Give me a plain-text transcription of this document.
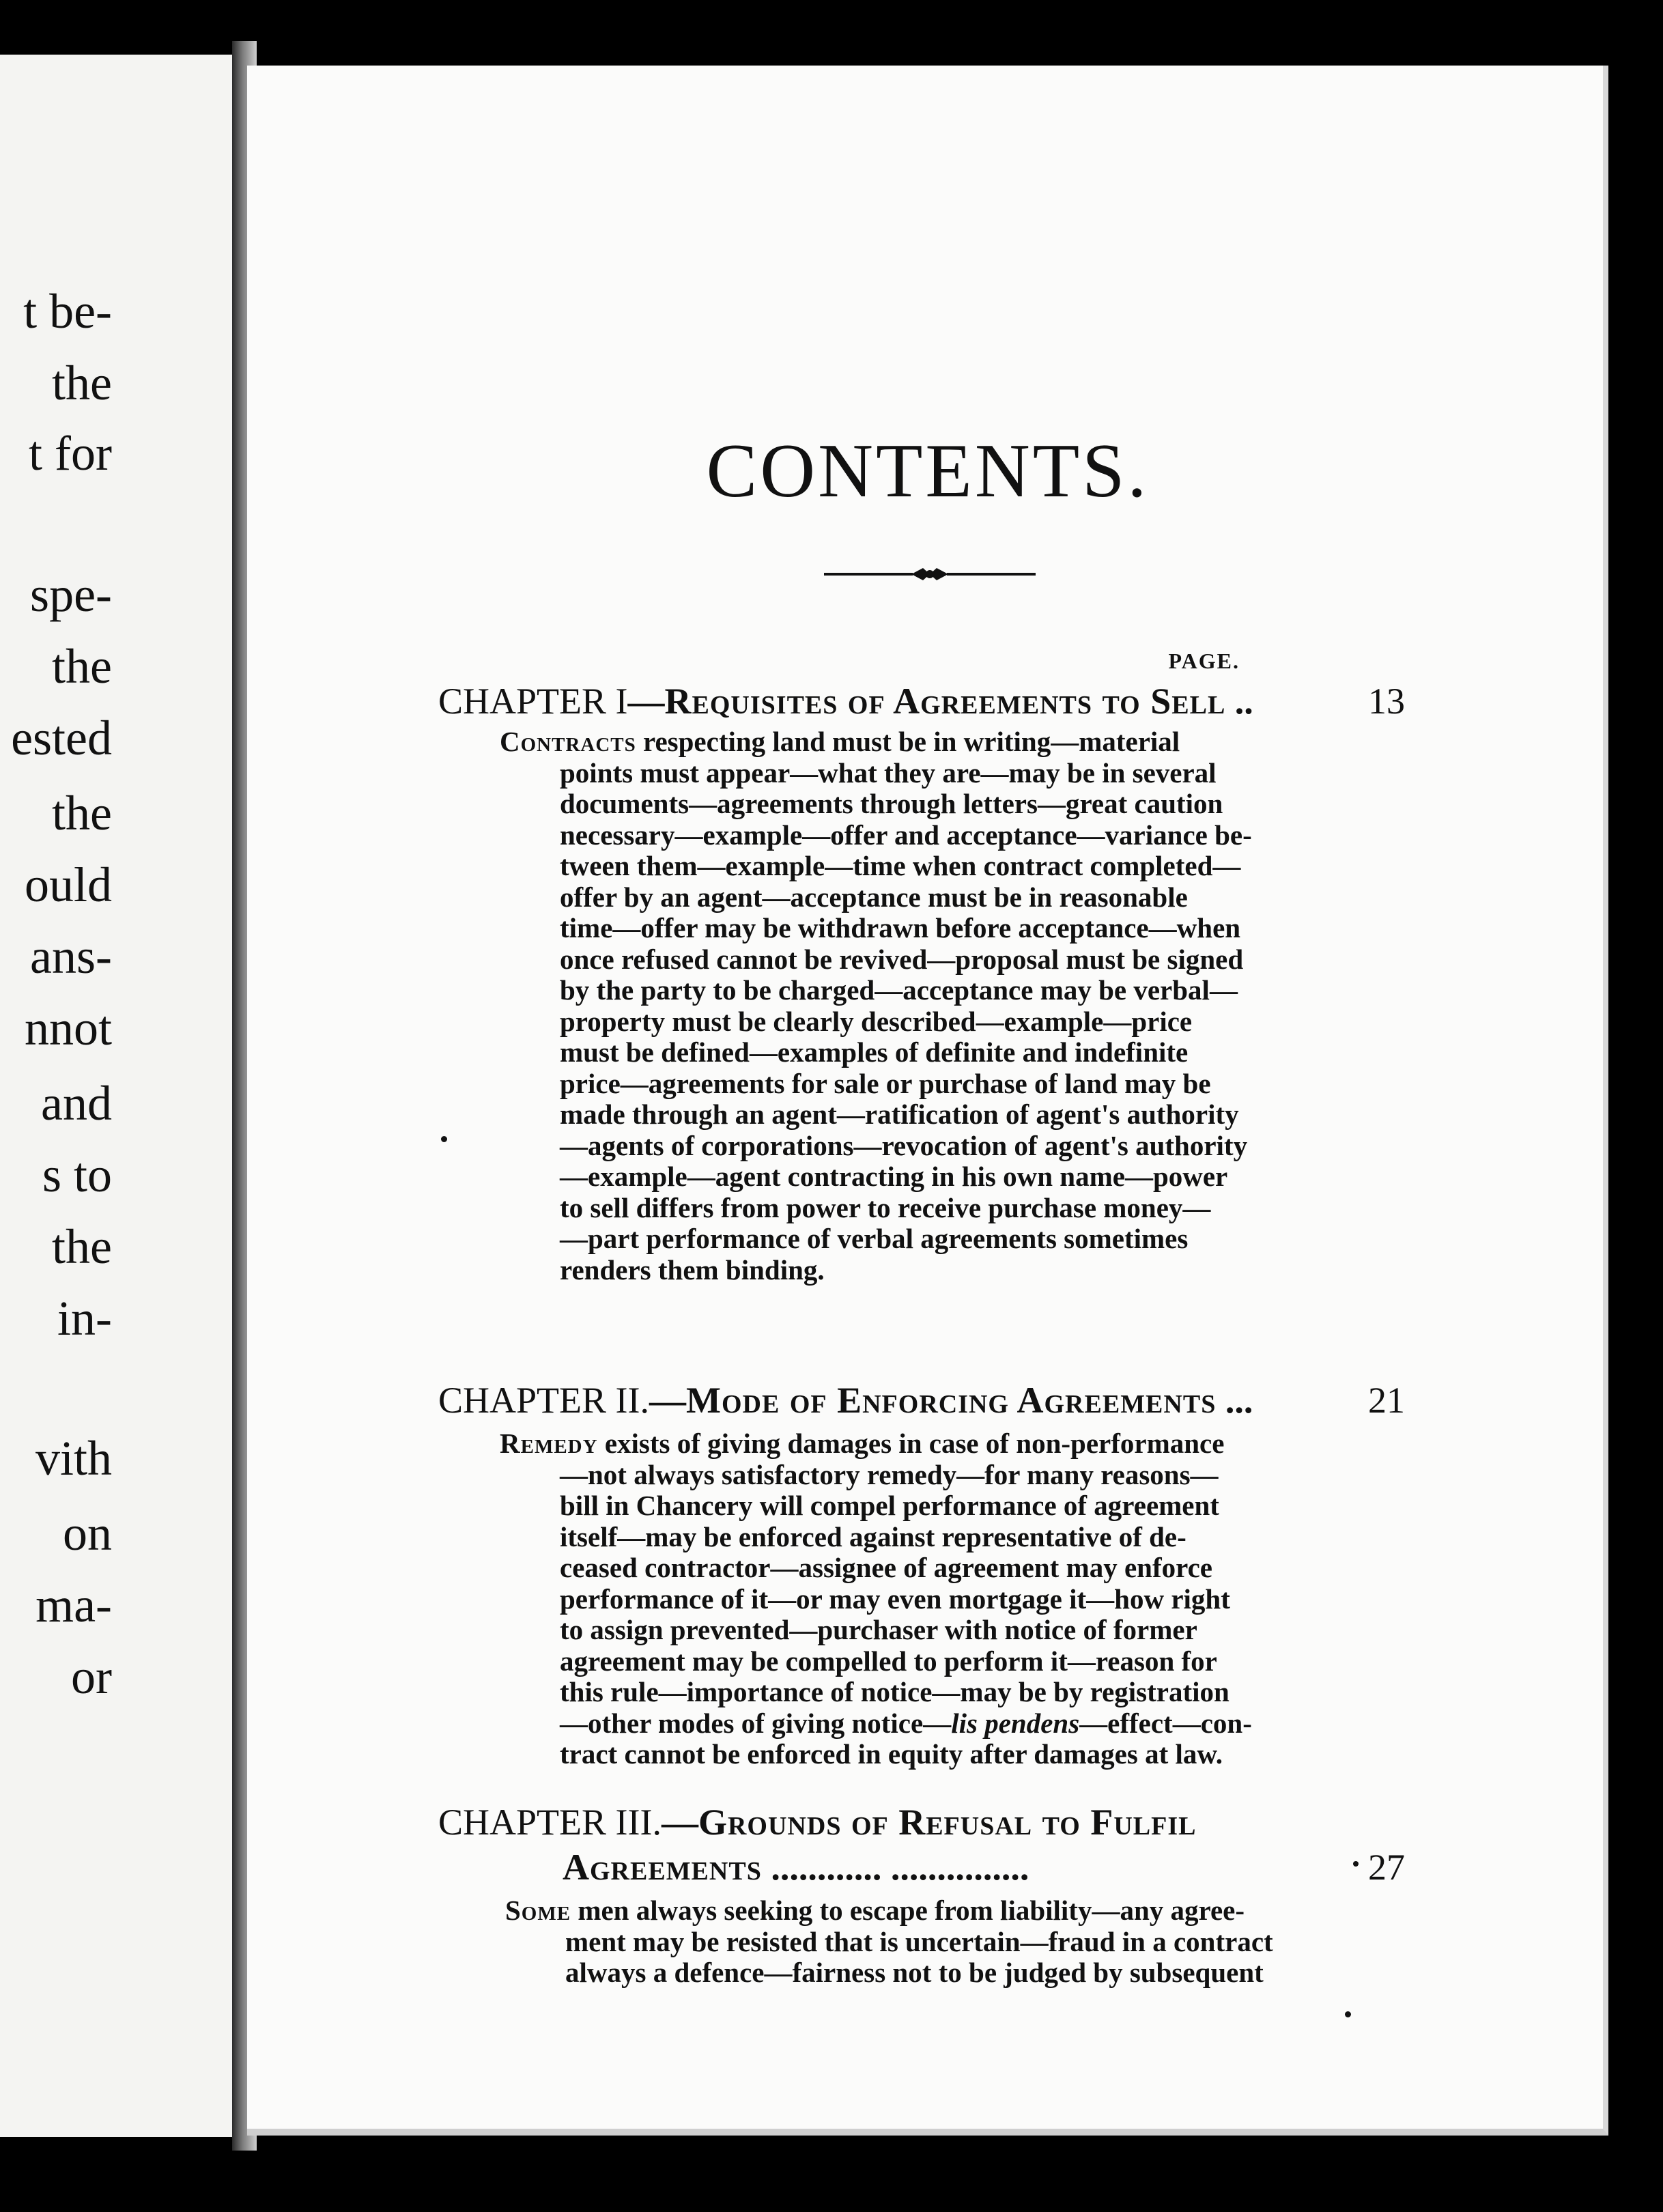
t be-
the
t for
spe-
the
ested
the
ould
ans-
nnot
and
s to
the
in-
vith
on
ma-
or
CONTENTS.
PAGE.
CHAPTER I—Requisites of Agreements to Sell ..	13
Contracts respecting land must be in writing—material
points must appear—what they are—may be in several
documents—agreements through letters—great caution
necessary—example—offer and acceptance—variance be-
tween them—example—time when contract completed—
offer by an agent—acceptance must be in reasonable
time—offer may be withdrawn before acceptance—when
once refused cannot be revived—proposal must be signed
by the party to be charged—acceptance may be verbal—
property must be clearly described—example—price
must be defined—examples of definite and indefinite
price—agreements for sale or purchase of land may be
made through an agent—ratification of agent's authority
—agents of corporations—revocation of agent's authority
—example—agent contracting in his own name—power
to sell differs from power to receive purchase money—
—part performance of verbal agreements sometimes
renders them binding.
CHAPTER II.—Mode of Enforcing Agreements ...	21
Remedy exists of giving damages in case of non-performance
—not always satisfactory remedy—for many reasons—
bill in Chancery will compel performance of agreement
itself—may be enforced against representative of de-
ceased contractor—assignee of agreement may enforce
performance of it—or may even mortgage it—how right
to assign prevented—purchaser with notice of former
agreement may be compelled to perform it—reason for
this rule—importance of notice—may be by registration
—other modes of giving notice—lis pendens—effect—con-
tract cannot be enforced in equity after damages at law.
CHAPTER III.—Grounds of Refusal to Fulfil
Agreements ............ ...............	27
Some men always seeking to escape from liability—any agree-
ment may be resisted that is uncertain—fraud in a contract
always a defence—fairness not to be judged by subsequent
